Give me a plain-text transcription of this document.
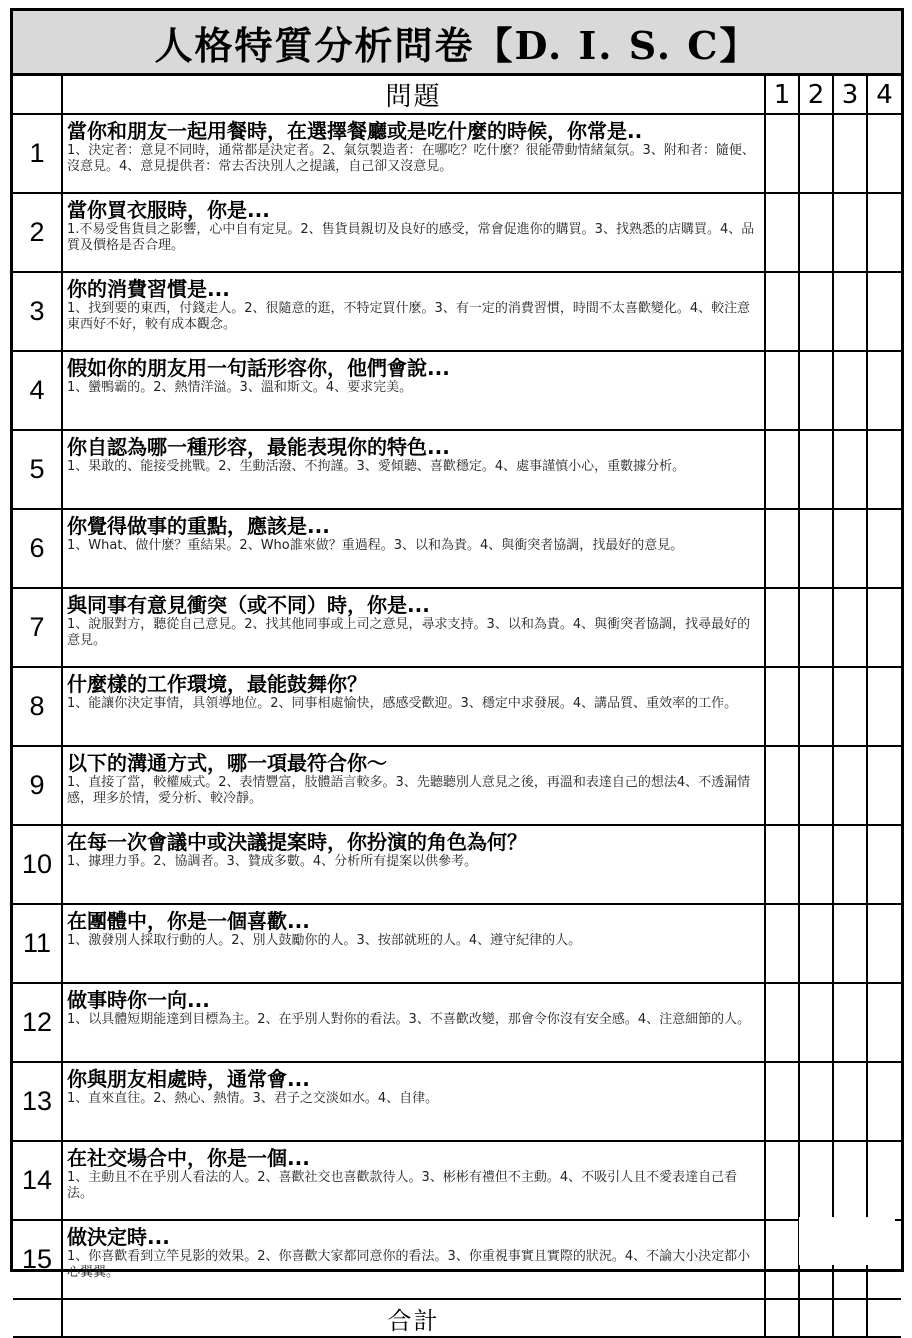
人格特質分析問卷【D. I. S. C】
	問題	1	2	3	4
1	當你和朋友一起用餐時，在選擇餐廳或是吃什麼的時候，你常是..
1、決定者：意見不同時，通常都是決定者。2、氣氛製造者：在哪吃？吃什麼？很能帶動情緒氣氛。3、附和者：隨便、沒意見。4、意見提供者：常去否決別人之提議，自己卻又沒意見。				

2	當你買衣服時，你是...
1.不易受售貨員之影響，心中自有定見。2、售貨員親切及良好的感受，常會促進你的購買。3、找熟悉的店購買。4、品質及價格是否合理。				

3	你的消費習慣是...
1、找到要的東西，付錢走人。2、很隨意的逛，不特定買什麼。3、有一定的消費習慣，時間不太喜歡變化。4、較注意東西好不好，較有成本觀念。				

4	假如你的朋友用一句話形容你，他們會說...
1、蠻鴨霸的。2、熱情洋溢。3、溫和斯文。4、要求完美。				

5	你自認為哪一種形容，最能表現你的特色...
1、果敢的、能接受挑戰。2、生動活潑、不拘謹。3、愛傾聽、喜歡穩定。4、處事謹慎小心，重數據分析。				

6	你覺得做事的重點，應該是...
1、What、做什麼？重結果。2、Who誰來做？重過程。3、以和為貴。4、與衝突者協調，找最好的意見。				

7	與同事有意見衝突（或不同）時，你是...
1、說服對方，聽從自己意見。2、找其他同事或上司之意見，尋求支持。3、以和為貴。4、與衝突者協調，找尋最好的意見。				

8	什麼樣的工作環境，最能鼓舞你？
1、能讓你決定事情，具領導地位。2、同事相處愉快，感感受歡迎。3、穩定中求發展。4、講品質、重效率的工作。				

9	以下的溝通方式，哪一項最符合你～
1、直接了當，較權威式。2、表情豐富，肢體語言較多。3、先聽聽別人意見之後，再溫和表達自己的想法4、不透漏情感，理多於情，愛分析、較冷靜。				

10	在每一次會議中或決議提案時，你扮演的角色為何？
1、據理力爭。2、協調者。3、贊成多數。4、分析所有提案以供參考。				

11	在團體中，你是一個喜歡...
1、激發別人採取行動的人。2、別人鼓勵你的人。3、按部就班的人。4、遵守紀律的人。				

12	做事時你一向...
1、以具體短期能達到目標為主。2、在乎別人對你的看法。3、不喜歡改變，那會令你沒有安全感。4、注意細節的人。				

13	你與朋友相處時，通常會...
1、直來直往。2、熱心、熱情。3、君子之交淡如水。4、自律。				

14	在社交場合中，你是一個...
1、主動且不在乎別人看法的人。2、喜歡社交也喜歡款待人。3、彬彬有禮但不主動。4、不吸引人且不愛表達自己看法。				

15	做決定時...
1、你喜歡看到立竿見影的效果。2、你喜歡大家都同意你的看法。3、你重視事實且實際的狀況。4、不論大小決定都小心翼翼。				

	合計				
